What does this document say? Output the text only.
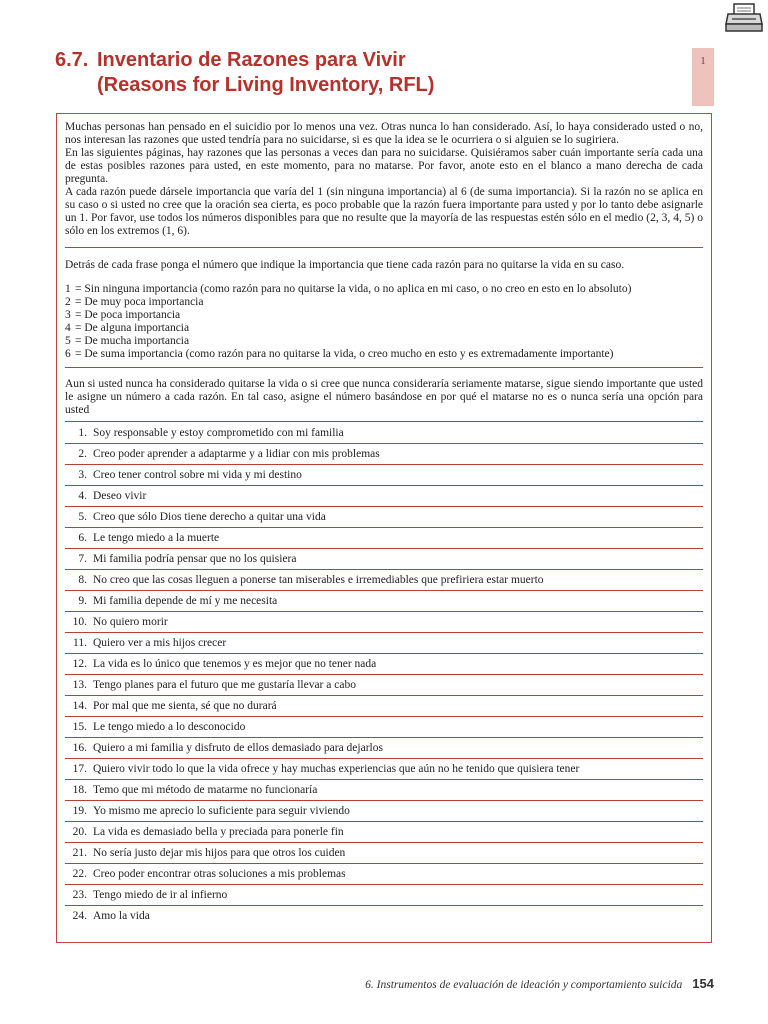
6.7. Inventario de Razones para Vivir
(Reasons for Living Inventory, RFL)
1

Muchas personas han pensado en el suicidio por lo menos una vez. Otras nunca lo han considerado. Así, lo haya considerado usted o no, nos interesan las razones que usted tendría para no suicidarse, si es que la idea se le ocurriera o si alguien se lo sugiriera.

En las siguientes páginas, hay razones que las personas a veces dan para no suicidarse. Quisiéramos saber cuán importante sería cada una de estas posibles razones para usted, en este momento, para no matarse. Por favor, anote esto en el blanco a mano derecha de cada pregunta.

A cada razón puede dársele importancia que varía del 1 (sin ninguna importancia) al 6 (de suma importancia). Si la razón no se aplica en su caso o si usted no cree que la oración sea cierta, es poco probable que la razón fuera importante para usted y por lo tanto debe asignarle un 1. Por favor, use todos los números disponibles para que no resulte que la mayoría de las respuestas estén sólo en el medio (2, 3, 4, 5) o sólo en los extremos (1, 6).

Detrás de cada frase ponga el número que indique la importancia que tiene cada razón para no quitarse la vida en su caso.

1 = Sin ninguna importancia (como razón para no quitarse la vida, o no aplica en mi caso, o no creo en esto en lo absoluto)
2 = De muy poca importancia
3 = De poca importancia
4 = De alguna importancia
5 = De mucha importancia
6 = De suma importancia (como razón para no quitarse la vida, o creo mucho en esto y es extremadamente importante)

Aun si usted nunca ha considerado quitarse la vida o si cree que nunca consideraría seriamente matarse, sigue siendo importante que usted le asigne un número a cada razón. En tal caso, asigne el número basándose en por qué el matarse no es o nunca sería una opción para usted

1. Soy responsable y estoy comprometido con mi familia
2. Creo poder aprender a adaptarme y a lidiar con mis problemas
3. Creo tener control sobre mi vida y mi destino
4. Deseo vivir
5. Creo que sólo Dios tiene derecho a quitar una vida
6. Le tengo miedo a la muerte
7. Mi familia podría pensar que no los quisiera
8. No creo que las cosas lleguen a ponerse tan miserables e irremediables que prefiriera estar muerto
9. Mi familia depende de mí y me necesita
10. No quiero morir
11. Quiero ver a mis hijos crecer
12. La vida es lo único que tenemos y es mejor que no tener nada
13. Tengo planes para el futuro que me gustaría llevar a cabo
14. Por mal que me sienta, sé que no durará
15. Le tengo miedo a lo desconocido
16. Quiero a mi familia y disfruto de ellos demasiado para dejarlos
17. Quiero vivir todo lo que la vida ofrece y hay muchas experiencias que aún no he tenido que quisiera tener
18. Temo que mi método de matarme no funcionaría
19. Yo mismo me aprecio lo suficiente para seguir viviendo
20. La vida es demasiado bella y preciada para ponerle fin
21. No sería justo dejar mis hijos para que otros los cuiden
22. Creo poder encontrar otras soluciones a mis problemas
23. Tengo miedo de ir al infierno
24. Amo la vida
6. Instrumentos de evaluación de ideación y comportamiento suicida 154
